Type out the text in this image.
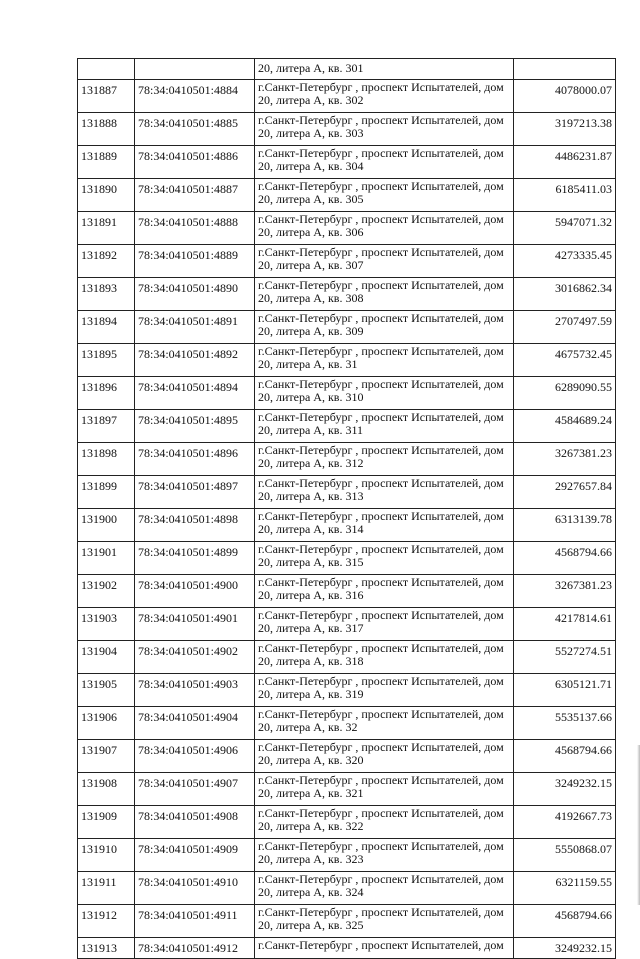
		20, литера А, кв. 301	

131887	78:34:0410501:4884	г.Санкт-Петербург , проспект Испытателей, дом
20, литера А, кв. 302	4078000.07
131888	78:34:0410501:4885	г.Санкт-Петербург , проспект Испытателей, дом
20, литера А, кв. 303	3197213.38
131889	78:34:0410501:4886	г.Санкт-Петербург , проспект Испытателей, дом
20, литера А, кв. 304	4486231.87
131890	78:34:0410501:4887	г.Санкт-Петербург , проспект Испытателей, дом
20, литера А, кв. 305	6185411.03
131891	78:34:0410501:4888	г.Санкт-Петербург , проспект Испытателей, дом
20, литера А, кв. 306	5947071.32
131892	78:34:0410501:4889	г.Санкт-Петербург , проспект Испытателей, дом
20, литера А, кв. 307	4273335.45
131893	78:34:0410501:4890	г.Санкт-Петербург , проспект Испытателей, дом
20, литера А, кв. 308	3016862.34
131894	78:34:0410501:4891	г.Санкт-Петербург , проспект Испытателей, дом
20, литера А, кв. 309	2707497.59
131895	78:34:0410501:4892	г.Санкт-Петербург , проспект Испытателей, дом
20, литера А, кв. 31	4675732.45
131896	78:34:0410501:4894	г.Санкт-Петербург , проспект Испытателей, дом
20, литера А, кв. 310	6289090.55
131897	78:34:0410501:4895	г.Санкт-Петербург , проспект Испытателей, дом
20, литера А, кв. 311	4584689.24
131898	78:34:0410501:4896	г.Санкт-Петербург , проспект Испытателей, дом
20, литера А, кв. 312	3267381.23
131899	78:34:0410501:4897	г.Санкт-Петербург , проспект Испытателей, дом
20, литера А, кв. 313	2927657.84
131900	78:34:0410501:4898	г.Санкт-Петербург , проспект Испытателей, дом
20, литера А, кв. 314	6313139.78
131901	78:34:0410501:4899	г.Санкт-Петербург , проспект Испытателей, дом
20, литера А, кв. 315	4568794.66
131902	78:34:0410501:4900	г.Санкт-Петербург , проспект Испытателей, дом
20, литера А, кв. 316	3267381.23
131903	78:34:0410501:4901	г.Санкт-Петербург , проспект Испытателей, дом
20, литера А, кв. 317	4217814.61
131904	78:34:0410501:4902	г.Санкт-Петербург , проспект Испытателей, дом
20, литера А, кв. 318	5527274.51
131905	78:34:0410501:4903	г.Санкт-Петербург , проспект Испытателей, дом
20, литера А, кв. 319	6305121.71
131906	78:34:0410501:4904	г.Санкт-Петербург , проспект Испытателей, дом
20, литера А, кв. 32	5535137.66
131907	78:34:0410501:4906	г.Санкт-Петербург , проспект Испытателей, дом
20, литера А, кв. 320	4568794.66
131908	78:34:0410501:4907	г.Санкт-Петербург , проспект Испытателей, дом
20, литера А, кв. 321	3249232.15
131909	78:34:0410501:4908	г.Санкт-Петербург , проспект Испытателей, дом
20, литера А, кв. 322	4192667.73
131910	78:34:0410501:4909	г.Санкт-Петербург , проспект Испытателей, дом
20, литера А, кв. 323	5550868.07
131911	78:34:0410501:4910	г.Санкт-Петербург , проспект Испытателей, дом
20, литера А, кв. 324	6321159.55
131912	78:34:0410501:4911	г.Санкт-Петербург , проспект Испытателей, дом
20, литера А, кв. 325	4568794.66
131913	78:34:0410501:4912	г.Санкт-Петербург , проспект Испытателей, дом	3249232.15
